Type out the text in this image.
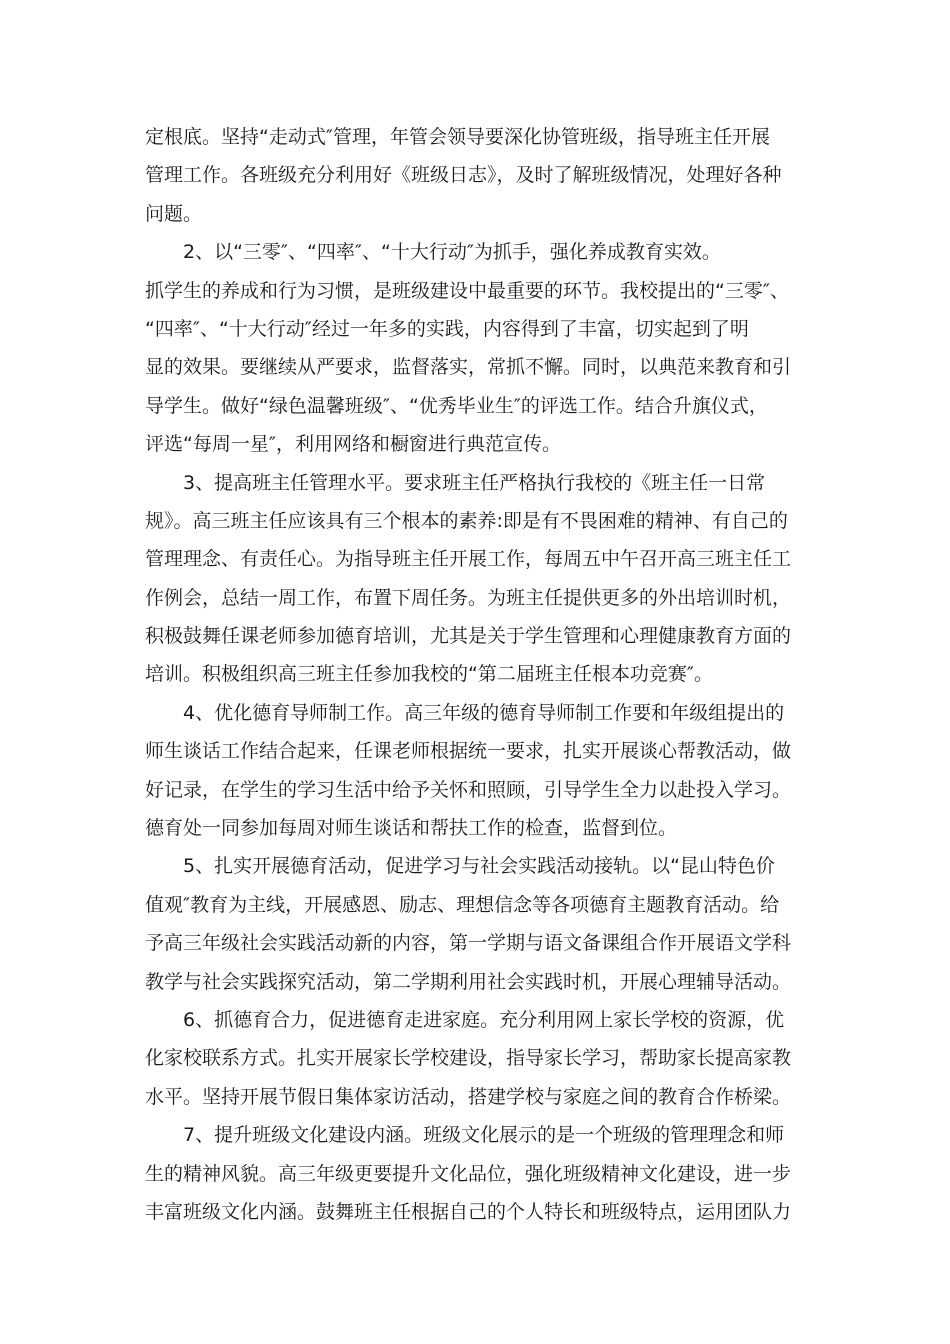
定根底。坚持“走动式″管理，年管会领导要深化协管班级，指导班主任开展

管理工作。各班级充分利用好《班级日志》，及时了解班级情况，处理好各种

问题。

2、以“三零″、“四率″、“十大行动″为抓手，强化养成教育实效。

抓学生的养成和行为习惯，是班级建设中最重要的环节。我校提出的“三零″、

“四率″、“十大行动″经过一年多的实践，内容得到了丰富，切实起到了明

显的效果。要继续从严要求，监督落实，常抓不懈。同时，以典范来教育和引

导学生。做好“绿色温馨班级″、“优秀毕业生″的评选工作。结合升旗仪式，

评选“每周一星″，利用网络和橱窗进行典范宣传。

3、提高班主任管理水平。要求班主任严格执行我校的《班主任一日常

规》。高三班主任应该具有三个根本的素养:即是有不畏困难的精神、有自己的

管理理念、有责任心。为指导班主任开展工作，每周五中午召开高三班主任工

作例会，总结一周工作，布置下周任务。为班主任提供更多的外出培训时机，

积极鼓舞任课老师参加德育培训，尤其是关于学生管理和心理健康教育方面的

培训。积极组织高三班主任参加我校的“第二届班主任根本功竞赛″。

4、优化德育导师制工作。高三年级的德育导师制工作要和年级组提出的

师生谈话工作结合起来，任课老师根据统一要求，扎实开展谈心帮教活动，做

好记录，在学生的学习生活中给予关怀和照顾，引导学生全力以赴投入学习。

德育处一同参加每周对师生谈话和帮扶工作的检查，监督到位。

5、扎实开展德育活动，促进学习与社会实践活动接轨。以“昆山特色价

值观″教育为主线，开展感恩、励志、理想信念等各项德育主题教育活动。给

予高三年级社会实践活动新的内容，第一学期与语文备课组合作开展语文学科

教学与社会实践探究活动，第二学期利用社会实践时机，开展心理辅导活动。

6、抓德育合力，促进德育走进家庭。充分利用网上家长学校的资源，优

化家校联系方式。扎实开展家长学校建设，指导家长学习，帮助家长提高家教

水平。坚持开展节假日集体家访活动，搭建学校与家庭之间的教育合作桥梁。

7、提升班级文化建设内涵。班级文化展示的是一个班级的管理理念和师

生的精神风貌。高三年级更要提升文化品位，强化班级精神文化建设，进一步

丰富班级文化内涵。鼓舞班主任根据自己的个人特长和班级特点，运用团队力
